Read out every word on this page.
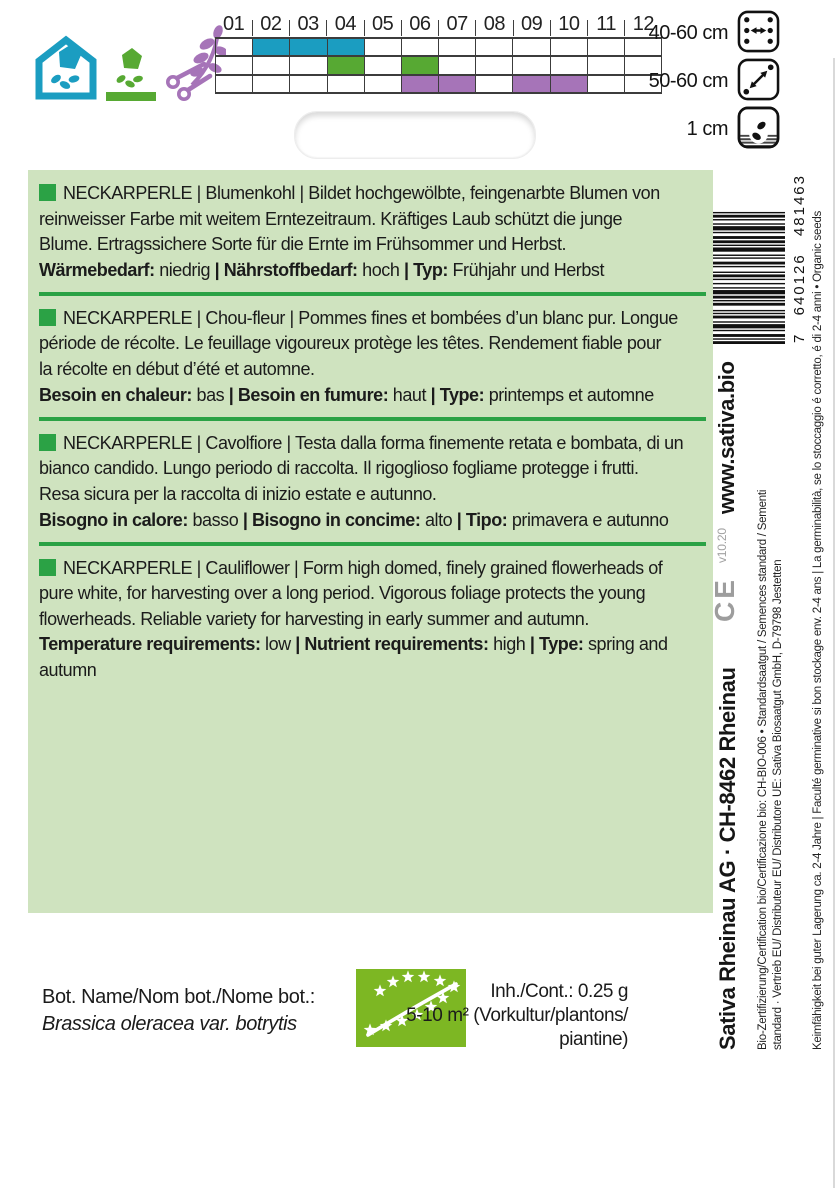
01 02 03 04 05 06 07 08 09 10 11 12
40-60 cm
50-60 cm
1 cm
NECKARPERLE | Blumenkohl | Bildet hochgewölbte, feingenarbte Blumen von
reinweisser Farbe mit weitem Erntezeitraum. Kräftiges Laub schützt die junge
Blume. Ertragssichere Sorte für die Ernte im Frühsommer und Herbst.
Wärmebedarf: niedrig | Nährstoffbedarf: hoch | Typ: Frühjahr und Herbst
NECKARPERLE | Chou-fleur | Pommes fines et bombées d’un blanc pur. Longue
période de récolte. Le feuillage vigoureux protège les têtes. Rendement fiable pour
la récolte en début d’été et automne.
Besoin en chaleur: bas | Besoin en fumure: haut | Type: printemps et automne
NECKARPERLE | Cavolfiore | Testa dalla forma finemente retata e bombata, di un
bianco candido. Lungo periodo di raccolta. Il rigoglioso fogliame protegge i frutti.
Resa sicura per la raccolta di inizio estate e autunno.
Bisogno in calore: basso | Bisogno in concime: alto | Tipo: primavera e autunno
NECKARPERLE | Cauliflower | Form high domed, finely grained flowerheads of
pure white, for harvesting over a long period. Vigorous foliage protects the young
flowerheads. Reliable variety for harvesting in early summer and autumn.
Temperature requirements: low | Nutrient requirements: high | Type: spring and
autumn
Bot. Name/Nom bot./Nome bot.:
Brassica oleracea var. botrytis
Inh./Cont.: 0.25 g
5-10 m² (Vorkultur/plantons/
piantine)	Sativa Rheinau AG · CH-8462 Rheinau
CE
v10.20
www.sativa.bio
Bio-Zertifizierung/Certification bio/Certificazione bio: CH-BIO-006 • Standardsaatgut / Semences standard / Sementi standard · Vertrieb EU/ Distributeur EU/ Distributore UE: Sativa Biosaatgut GmbH, D-79798 Jestetten Keimfähigkeit bei guter Lagerung ca. 2-4 Jahre | Faculté germinative si bon stockage env. 2-4 ans | La germinabilità, se lo stoccaggio é corretto, é di 2-4 anni • Organic seeds
7
640126
481463
